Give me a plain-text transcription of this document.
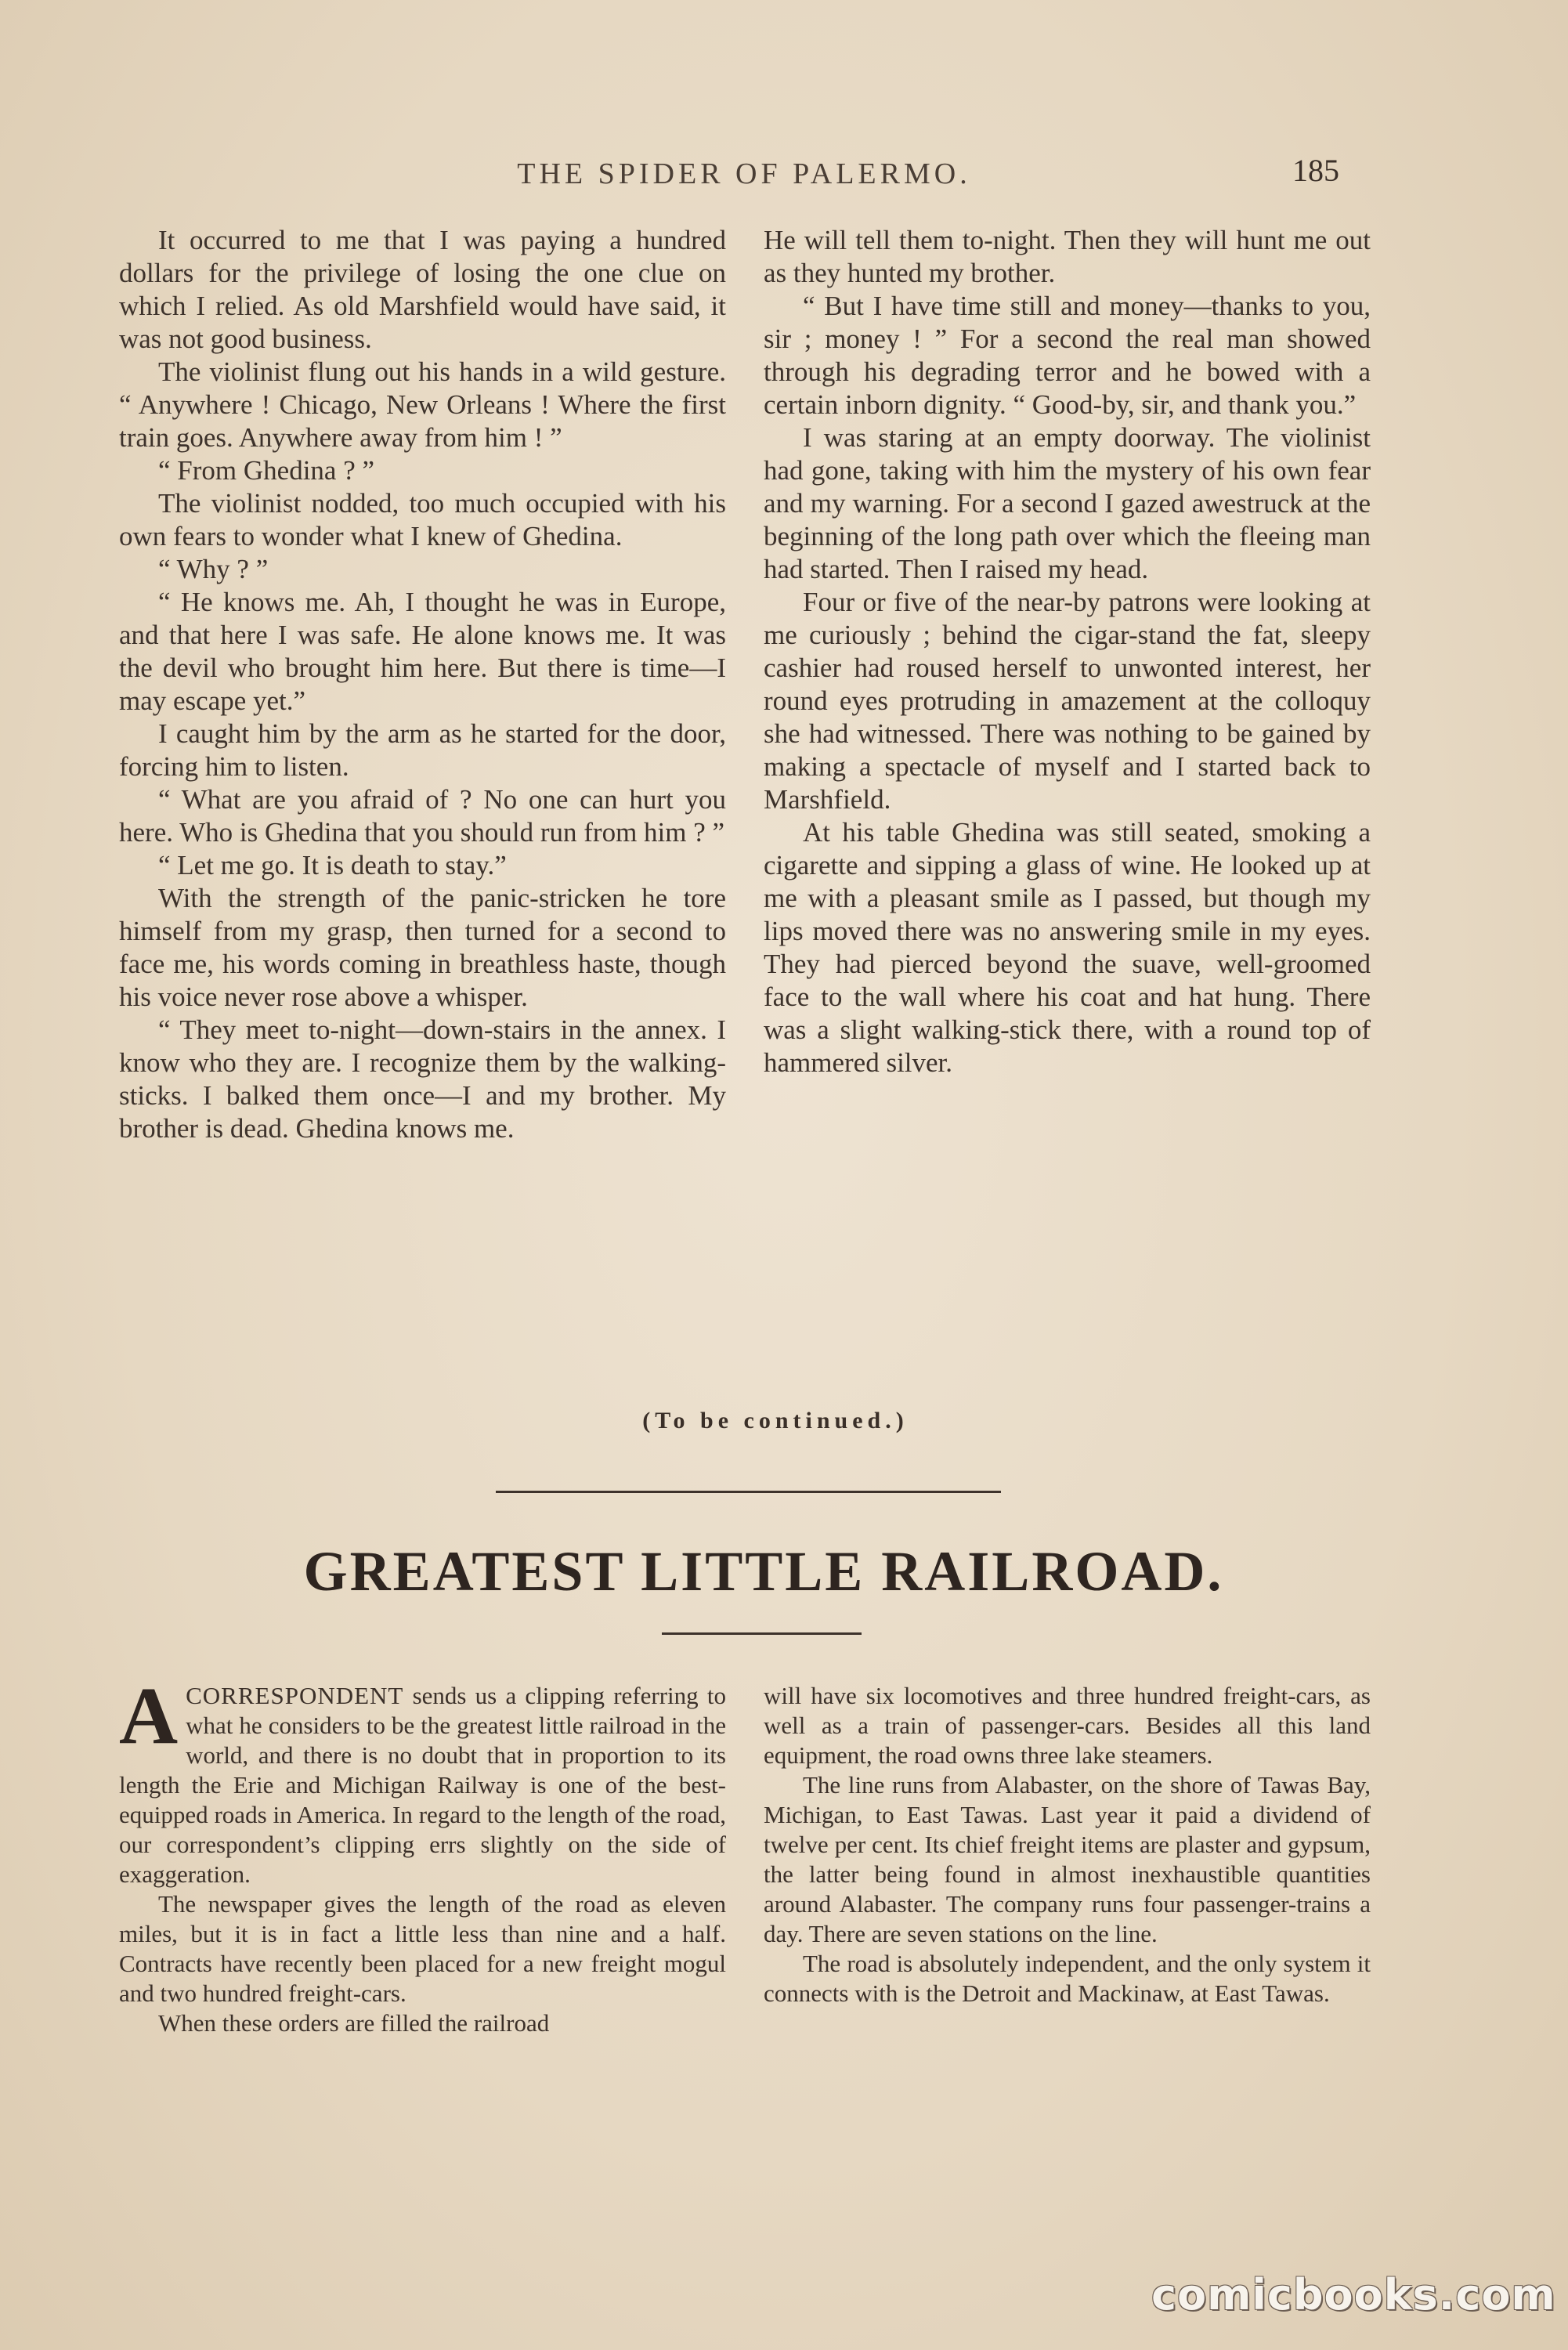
THE SPIDER OF PALERMO.	185

It occurred to me that I was paying a hundred dollars for the privilege of losing the one clue on which I relied. As old Marshfield would have said, it was not good business.

The violinist flung out his hands in a wild gesture. “ Anywhere ! Chicago, New Orleans ! Where the first train goes. Anywhere away from him ! ”

“ From Ghedina ? ”

The violinist nodded, too much occupied with his own fears to wonder what I knew of Ghedina.

“ Why ? ”

“ He knows me. Ah, I thought he was in Europe, and that here I was safe. He alone knows me. It was the devil who brought him here. But there is time—I may escape yet.”

I caught him by the arm as he started for the door, forcing him to listen.

“ What are you afraid of ? No one can hurt you here. Who is Ghedina that you should run from him ? ”

“ Let me go. It is death to stay.”

With the strength of the panic-stricken he tore himself from my grasp, then turned for a second to face me, his words coming in breathless haste, though his voice never rose above a whisper.

“ They meet to-night—down-stairs in the annex. I know who they are. I recognize them by the walking-sticks. I balked them once—I and my brother. My brother is dead. Ghedina knows me.

He will tell them to-night. Then they will hunt me out as they hunted my brother.

“ But I have time still and money—thanks to you, sir ; money ! ” For a second the real man showed through his degrading terror and he bowed with a certain inborn dignity. “ Good-by, sir, and thank you.”

I was staring at an empty doorway. The violinist had gone, taking with him the mystery of his own fear and my warning. For a second I gazed awestruck at the beginning of the long path over which the fleeing man had started. Then I raised my head.

Four or five of the near-by patrons were looking at me curiously ; behind the cigar-stand the fat, sleepy cashier had roused herself to unwonted interest, her round eyes protruding in amazement at the colloquy she had witnessed. There was nothing to be gained by making a spectacle of myself and I started back to Marshfield.

At his table Ghedina was still seated, smoking a cigarette and sipping a glass of wine. He looked up at me with a pleasant smile as I passed, but though my lips moved there was no answering smile in my eyes. They had pierced beyond the suave, well-groomed face to the wall where his coat and hat hung. There was a slight walking-stick there, with a round top of hammered silver.

(To be continued.)
GREATEST LITTLE RAILROAD.

ACORRESPONDENT sends us a clipping referring to what he considers to be the greatest little railroad in the world, and there is no doubt that in proportion to its length the Erie and Michigan Railway is one of the best-equipped roads in America. In regard to the length of the road, our correspondent’s clipping errs slightly on the side of exaggeration.

The newspaper gives the length of the road as eleven miles, but it is in fact a little less than nine and a half. Contracts have recently been placed for a new freight mogul and two hundred freight-cars.

When these orders are filled the railroad

will have six locomotives and three hundred freight-cars, as well as a train of passenger-cars. Besides all this land equipment, the road owns three lake steamers.

The line runs from Alabaster, on the shore of Tawas Bay, Michigan, to East Tawas. Last year it paid a dividend of twelve per cent. Its chief freight items are plaster and gypsum, the latter being found in almost inexhaustible quantities around Alabaster. The company runs four passenger-trains a day. There are seven stations on the line.

The road is absolutely independent, and the only system it connects with is the Detroit and Mackinaw, at East Tawas.

comicbooks.com
